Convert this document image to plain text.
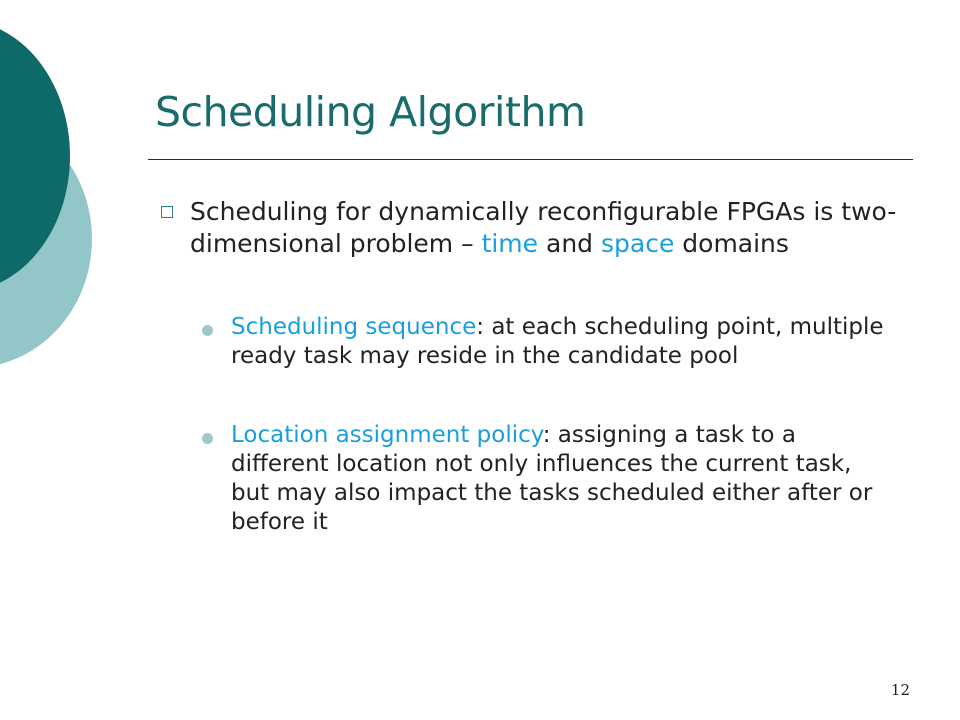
Scheduling Algorithm
Scheduling for dynamically reconfigurable FPGAs is two-dimensional problem – time and space domains
Scheduling sequence: at each scheduling point, multiple ready task may reside in the candidate pool
Location assignment policy: assigning a task to a different location not only influences the current task, but may also impact the tasks scheduled either after or before it
12
